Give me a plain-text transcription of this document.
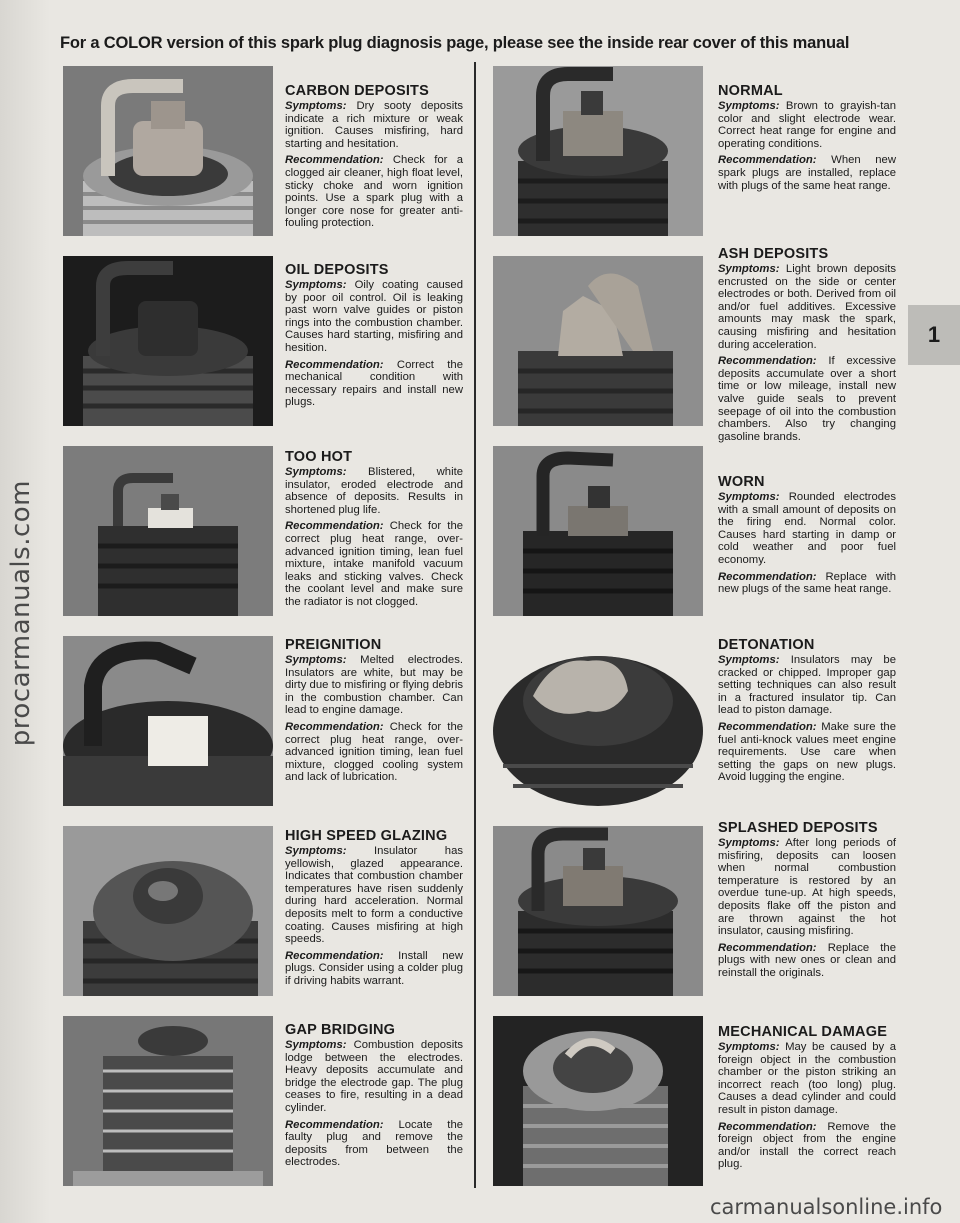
procarmanuals.com
For a COLOR version of this spark plug diagnosis page, please see the inside rear cover of this manual
1
CARBON DEPOSITS

Symptoms: Dry sooty deposits indicate a rich mixture or weak ignition. Causes misfiring, hard starting and hesitation.

Recommendation: Check for a clogged air cleaner, high float level, sticky choke and worn ignition points. Use a spark plug with a longer core nose for greater anti-fouling protection.

OIL DEPOSITS

Symptoms: Oily coating caused by poor oil control. Oil is leaking past worn valve guides or piston rings into the combustion chamber. Causes hard starting, misfiring and hesition.

Recommendation: Correct the mechanical condition with necessary repairs and install new plugs.

TOO HOT

Symptoms: Blistered, white insulator, eroded electrode and absence of deposits. Results in shortened plug life.

Recommendation: Check for the correct plug heat range, over-advanced ignition timing, lean fuel mixture, intake manifold vacuum leaks and sticking valves. Check the coolant level and make sure the radiator is not clogged.

PREIGNITION

Symptoms: Melted electrodes. Insulators are white, but may be dirty due to misfiring or flying debris in the combustion chamber. Can lead to engine damage.

Recommendation: Check for the correct plug heat range, over-advanced ignition timing, lean fuel mixture, clogged cooling system and lack of lubrication.

HIGH SPEED GLAZING

Symptoms: Insulator has yellowish, glazed appearance. Indicates that combustion chamber temperatures have risen suddenly during hard acceleration. Normal deposits melt to form a conductive coating. Causes misfiring at high speeds.

Recommendation: Install new plugs. Consider using a colder plug if driving habits warrant.

GAP BRIDGING

Symptoms: Combustion deposits lodge between the electrodes. Heavy deposits accumulate and bridge the electrode gap. The plug ceases to fire, resulting in a dead cylinder.

Recommendation: Locate the faulty plug and remove the deposits from between the electrodes.

NORMAL

Symptoms: Brown to grayish-tan color and slight electrode wear. Correct heat range for engine and operating conditions.

Recommendation: When new spark plugs are installed, replace with plugs of the same heat range.

ASH DEPOSITS

Symptoms: Light brown deposits encrusted on the side or center electrodes or both. Derived from oil and/or fuel additives. Excessive amounts may mask the spark, causing misfiring and hesitation during acceleration.

Recommendation: If excessive deposits accumulate over a short time or low mileage, install new valve guide seals to prevent seepage of oil into the combustion chambers. Also try changing gasoline brands.

WORN

Symptoms: Rounded electrodes with a small amount of deposits on the firing end. Normal color. Causes hard starting in damp or cold weather and poor fuel economy.

Recommendation: Replace with new plugs of the same heat range.

DETONATION

Symptoms: Insulators may be cracked or chipped. Improper gap setting techniques can also result in a fractured insulator tip. Can lead to piston damage.

Recommendation: Make sure the fuel anti-knock values meet engine requirements. Use care when setting the gaps on new plugs. Avoid lugging the engine.

SPLASHED DEPOSITS

Symptoms: After long periods of misfiring, deposits can loosen when normal combustion temperature is restored by an overdue tune-up. At high speeds, deposits flake off the piston and are thrown against the hot insulator, causing misfiring.

Recommendation: Replace the plugs with new ones or clean and reinstall the originals.

MECHANICAL DAMAGE

Symptoms: May be caused by a foreign object in the combustion chamber or the piston striking an incorrect reach (too long) plug. Causes a dead cylinder and could result in piston damage.

Recommendation: Remove the foreign object from the engine and/or install the correct reach plug.

carmanualsonline.info
